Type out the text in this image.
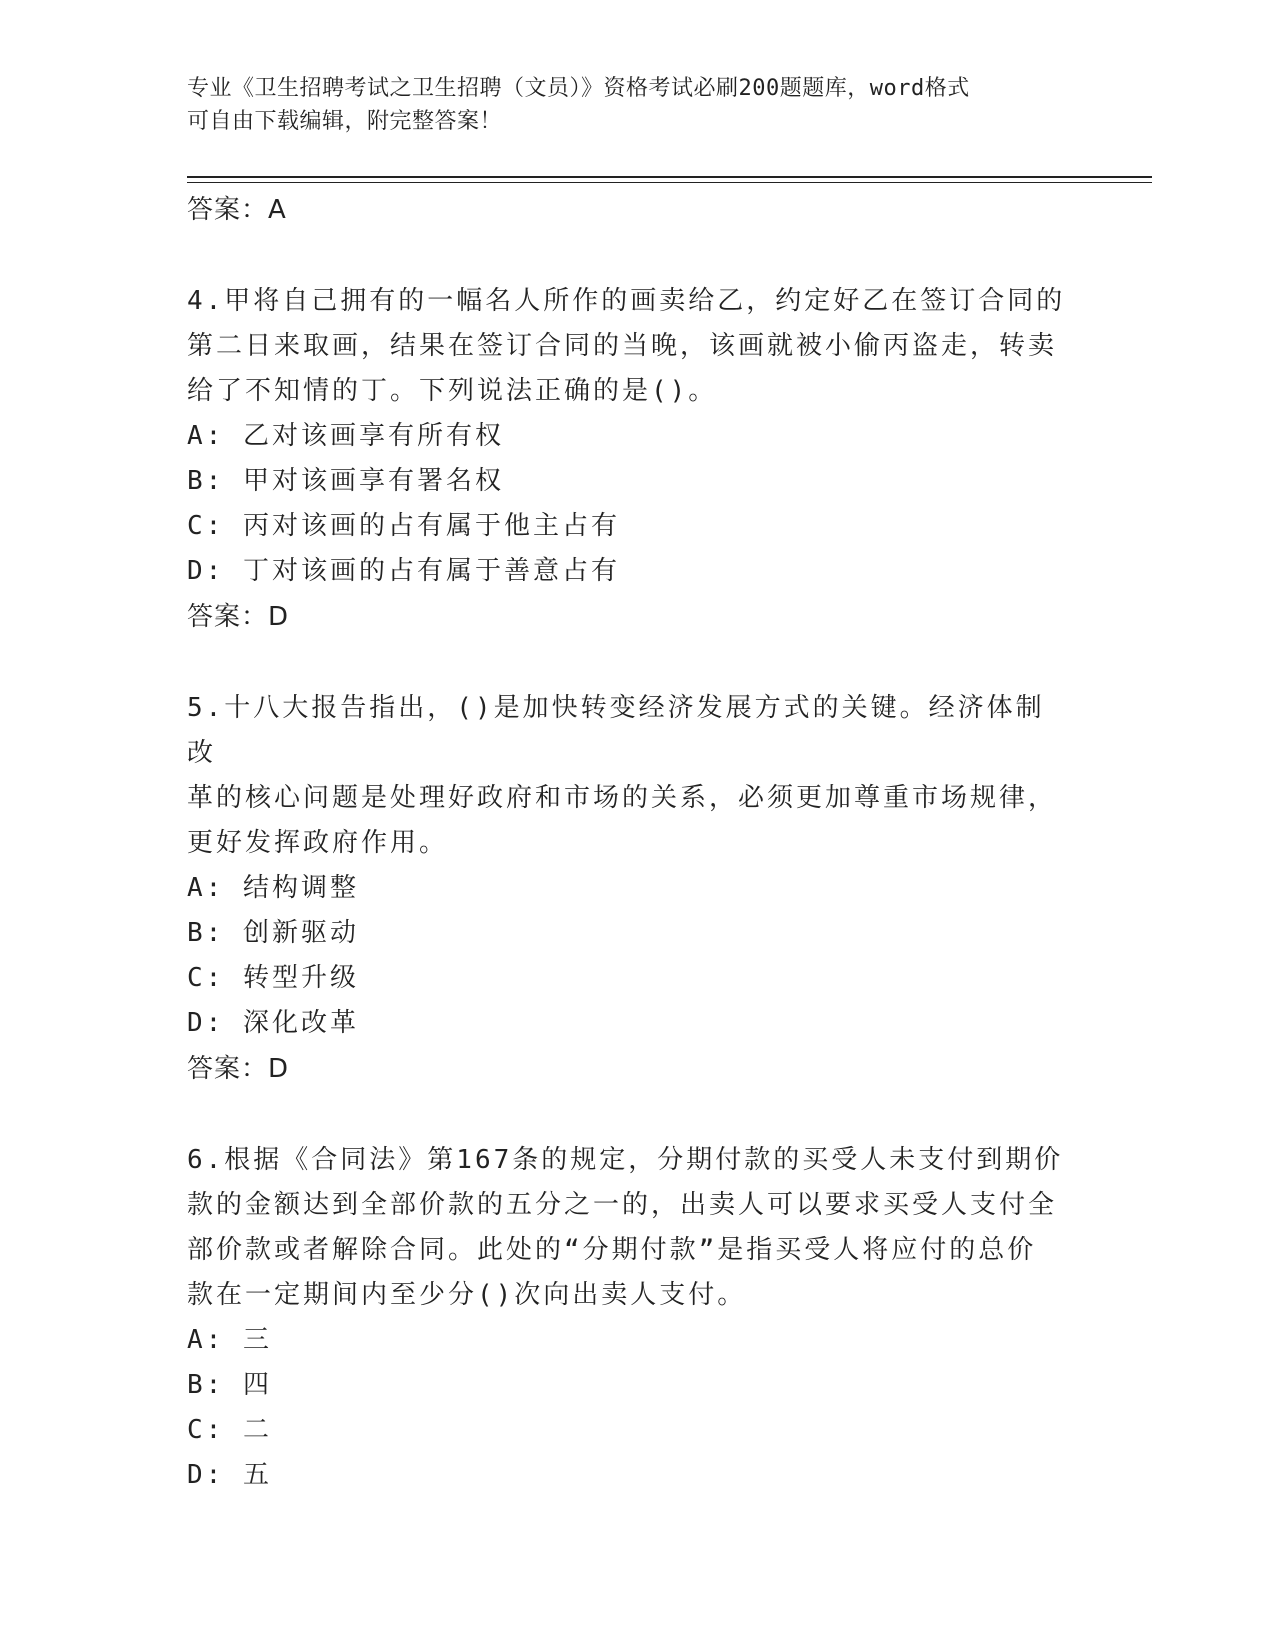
专业《卫生招聘考试之卫生招聘（文员）》资格考试必刷200题题库，word格式
可自由下载编辑，附完整答案！
答案：A
4.甲将自己拥有的一幅名人所作的画卖给乙，约定好乙在签订合同的
第二日来取画，结果在签订合同的当晚，该画就被小偷丙盗走，转卖
给了不知情的丁。下列说法正确的是()。
A: 乙对该画享有所有权
B: 甲对该画享有署名权
C: 丙对该画的占有属于他主占有
D: 丁对该画的占有属于善意占有
答案：D
5.十八大报告指出，()是加快转变经济发展方式的关键。经济体制改
革的核心问题是处理好政府和市场的关系，必须更加尊重市场规律，
更好发挥政府作用。
A: 结构调整
B: 创新驱动
C: 转型升级
D: 深化改革
答案：D
6.根据《合同法》第167条的规定，分期付款的买受人未支付到期价
款的金额达到全部价款的五分之一的，出卖人可以要求买受人支付全
部价款或者解除合同。此处的“分期付款”是指买受人将应付的总价
款在一定期间内至少分()次向出卖人支付。
A: 三
B: 四
C: 二
D: 五
